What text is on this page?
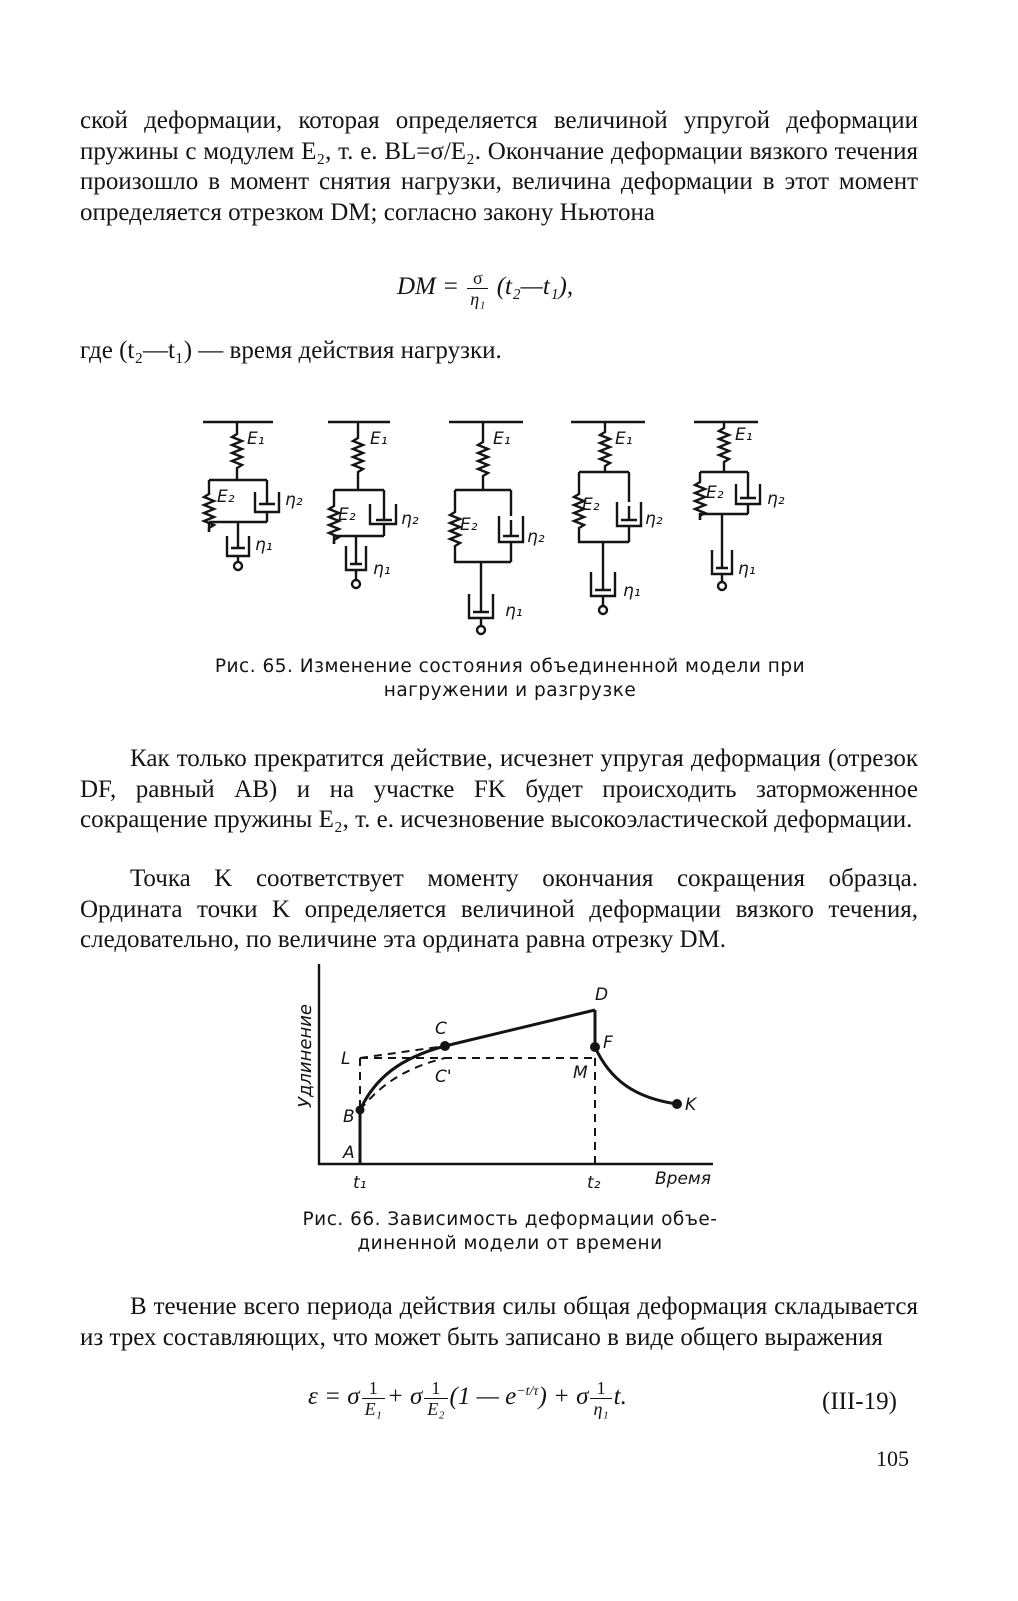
ской деформации, которая определяется величиной упругой деформации пружины с модулем E₂, т. е. BL=σ/E₂. Окончание деформации вязкого течения произошло в момент снятия нагрузки, величина деформации в этот момент определяется отрезком DM; согласно закону Ньютона

DM = $\frac{\sigma}{\text{η₁}}$ (t₂—t₁),

где (t₂—t₁) — время действия нагрузки.

E₁
E₂	η₂
η₁
E₁
E₂	η₂
η₁
E₁
E₂
η₂
η₁
E₁
E₂
η₂
η₁
E₁
E₂	η₂
η₁
Рис. 65. Изменение состояния объединенной модели при
нагружении и разгрузке

Как только прекратится действие, исчезнет упругая деформация (отрезок DF, равный AB) и на участке FK будет происходить заторможенное сокращение пружины E₂, т. е. исчезновение высокоэластической деформации.

Точка K соответствует моменту окончания сокращения образца. Ордината точки K определяется величиной деформации вязкого течения, следовательно, по величине эта ордината равна отрезку DM.

Удлинение
Время
A
B
C
C'
D
F
M
K
L
t₁	t₂
Рис. 66. Зависимость деформации объе-
диненной модели от времени

В течение всего периода действия силы общая деформация складывается из трех составляющих, что может быть записано в виде общего выражения

ε = σ $\frac{1}{\text{E₁}} + \sigma \frac{1}{\text{E₂}} (1$ — $e^{-t/\tau}) + \sigma \frac{1}{\text{η₁}} t$.	(III-19)
105
